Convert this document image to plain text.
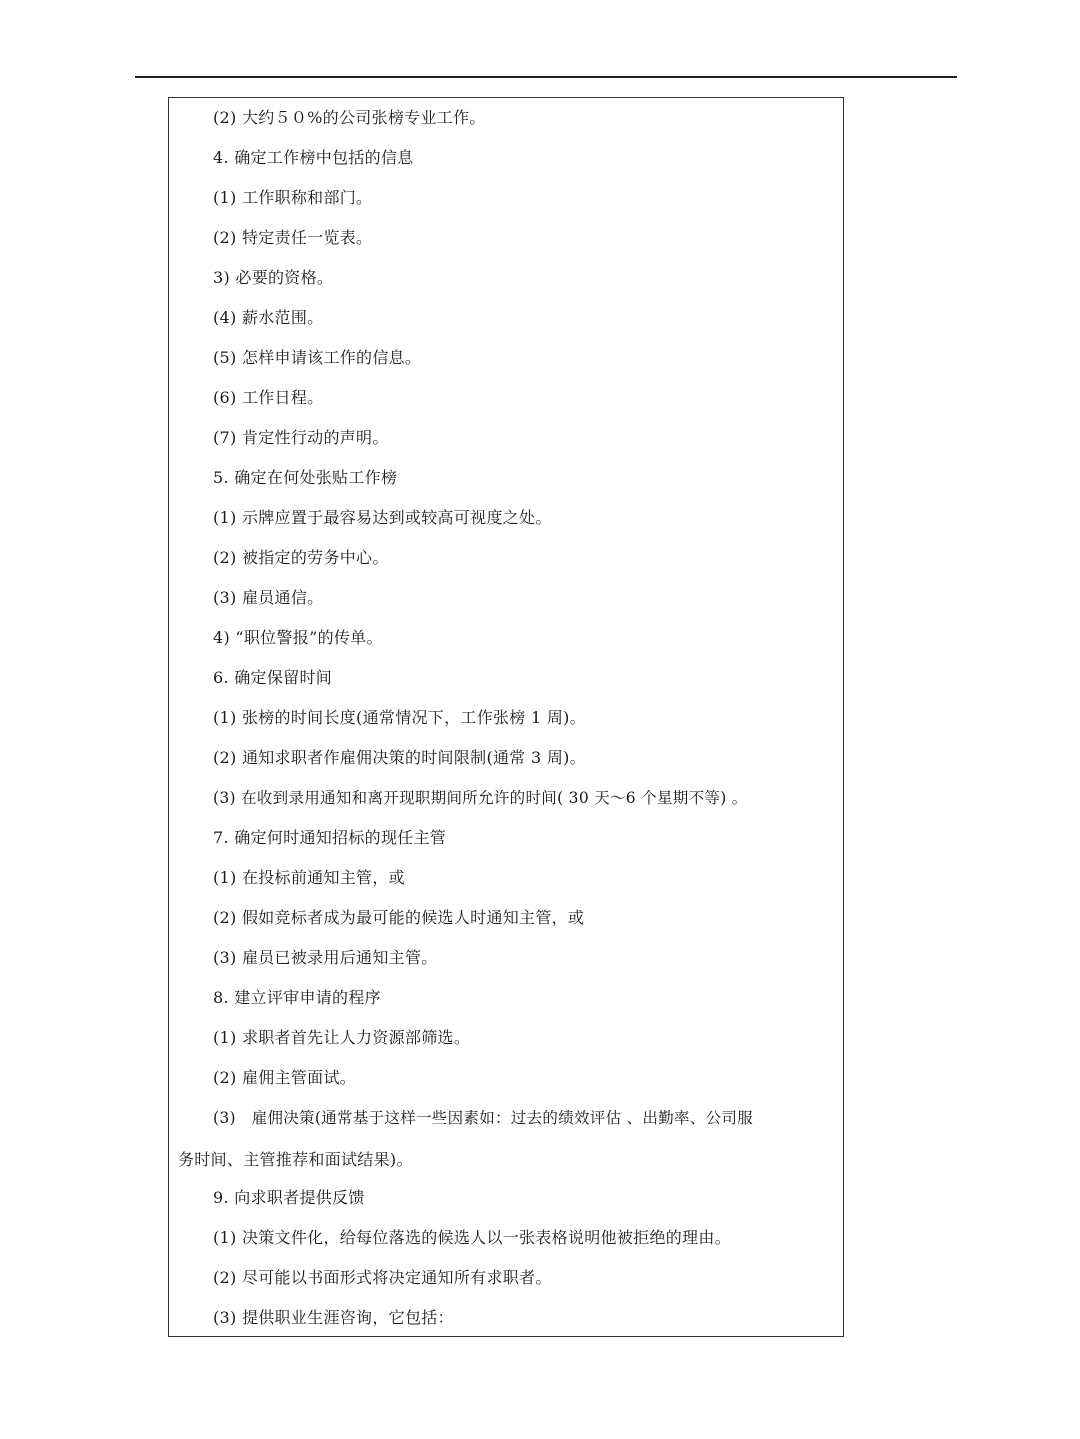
(2) 大约５０%的公司张榜专业工作。
4. 确定工作榜中包括的信息
(1) 工作职称和部门。
(2) 特定责任一览表。
3) 必要的资格。
(4) 薪水范围。
(5) 怎样申请该工作的信息。
(6) 工作日程。
(7) 肯定性行动的声明。
5. 确定在何处张贴工作榜
(1) 示牌应置于最容易达到或较高可视度之处。
(2) 被指定的劳务中心。
(3) 雇员通信。
4) “职位警报”的传单。
6. 确定保留时间
(1) 张榜的时间长度(通常情况下，工作张榜 1 周)。
(2) 通知求职者作雇佣决策的时间限制(通常 3 周)。
(3) 在收到录用通知和离开现职期间所允许的时间( 30 天～6 个星期不等) 。
7. 确定何时通知招标的现任主管
(1) 在投标前通知主管，或
(2) 假如竞标者成为最可能的候选人时通知主管，或
(3) 雇员已被录用后通知主管。
8. 建立评审申请的程序
(1) 求职者首先让人力资源部筛选。
(2) 雇佣主管面试。
(3)　雇佣决策(通常基于这样一些因素如：过去的绩效评估 、出勤率、公司服
务时间、主管推荐和面试结果)。
9. 向求职者提供反馈
(1) 决策文件化，给每位落选的候选人以一张表格说明他被拒绝的理由。
(2) 尽可能以书面形式将决定通知所有求职者。
(3) 提供职业生涯咨询，它包括：
